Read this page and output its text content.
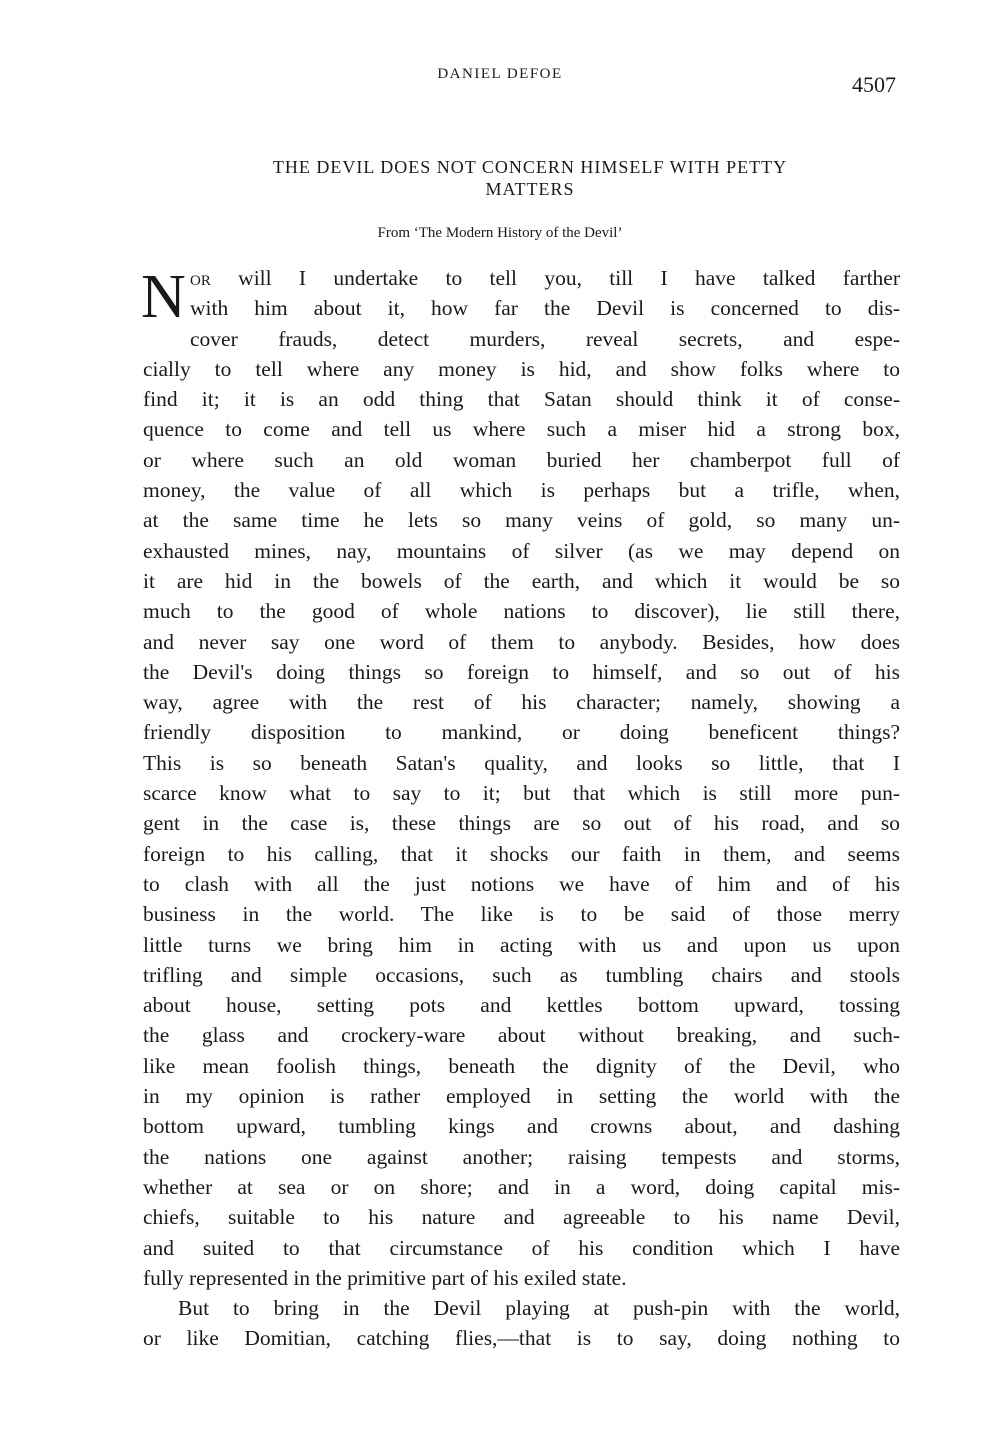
DANIEL DEFOE	4507
THE DEVIL DOES NOT CONCERN HIMSELF WITH PETTY
MATTERS
From ‘The Modern History of the Devil’
N OR will I undertake to tell you, till I have talked farther
with him about it, how far the Devil is concerned to dis-
cover frauds, detect murders, reveal secrets, and espe-
cially to tell where any money is hid, and show folks where to
find it; it is an odd thing that Satan should think it of conse-
quence to come and tell us where such a miser hid a strong box,
or where such an old woman buried her chamberpot full of
money, the value of all which is perhaps but a trifle, when,
at the same time he lets so many veins of gold, so many un-
exhausted mines, nay, mountains of silver (as we may depend on
it are hid in the bowels of the earth, and which it would be so
much to the good of whole nations to discover), lie still there,
and never say one word of them to anybody. Besides, how does
the Devil's doing things so foreign to himself, and so out of his
way, agree with the rest of his character; namely, showing a
friendly disposition to mankind, or doing beneficent things?
This is so beneath Satan's quality, and looks so little, that I
scarce know what to say to it; but that which is still more pun-
gent in the case is, these things are so out of his road, and so
foreign to his calling, that it shocks our faith in them, and seems
to clash with all the just notions we have of him and of his
business in the world. The like is to be said of those merry
little turns we bring him in acting with us and upon us upon
trifling and simple occasions, such as tumbling chairs and stools
about house, setting pots and kettles bottom upward, tossing
the glass and crockery-ware about without breaking, and such-
like mean foolish things, beneath the dignity of the Devil, who
in my opinion is rather employed in setting the world with the
bottom upward, tumbling kings and crowns about, and dashing
the nations one against another; raising tempests and storms,
whether at sea or on shore; and in a word, doing capital mis-
chiefs, suitable to his nature and agreeable to his name Devil,
and suited to that circumstance of his condition which I have
fully represented in the primitive part of his exiled state.
But to bring in the Devil playing at push-pin with the world,
or like Domitian, catching flies,—that is to say, doing nothing to
